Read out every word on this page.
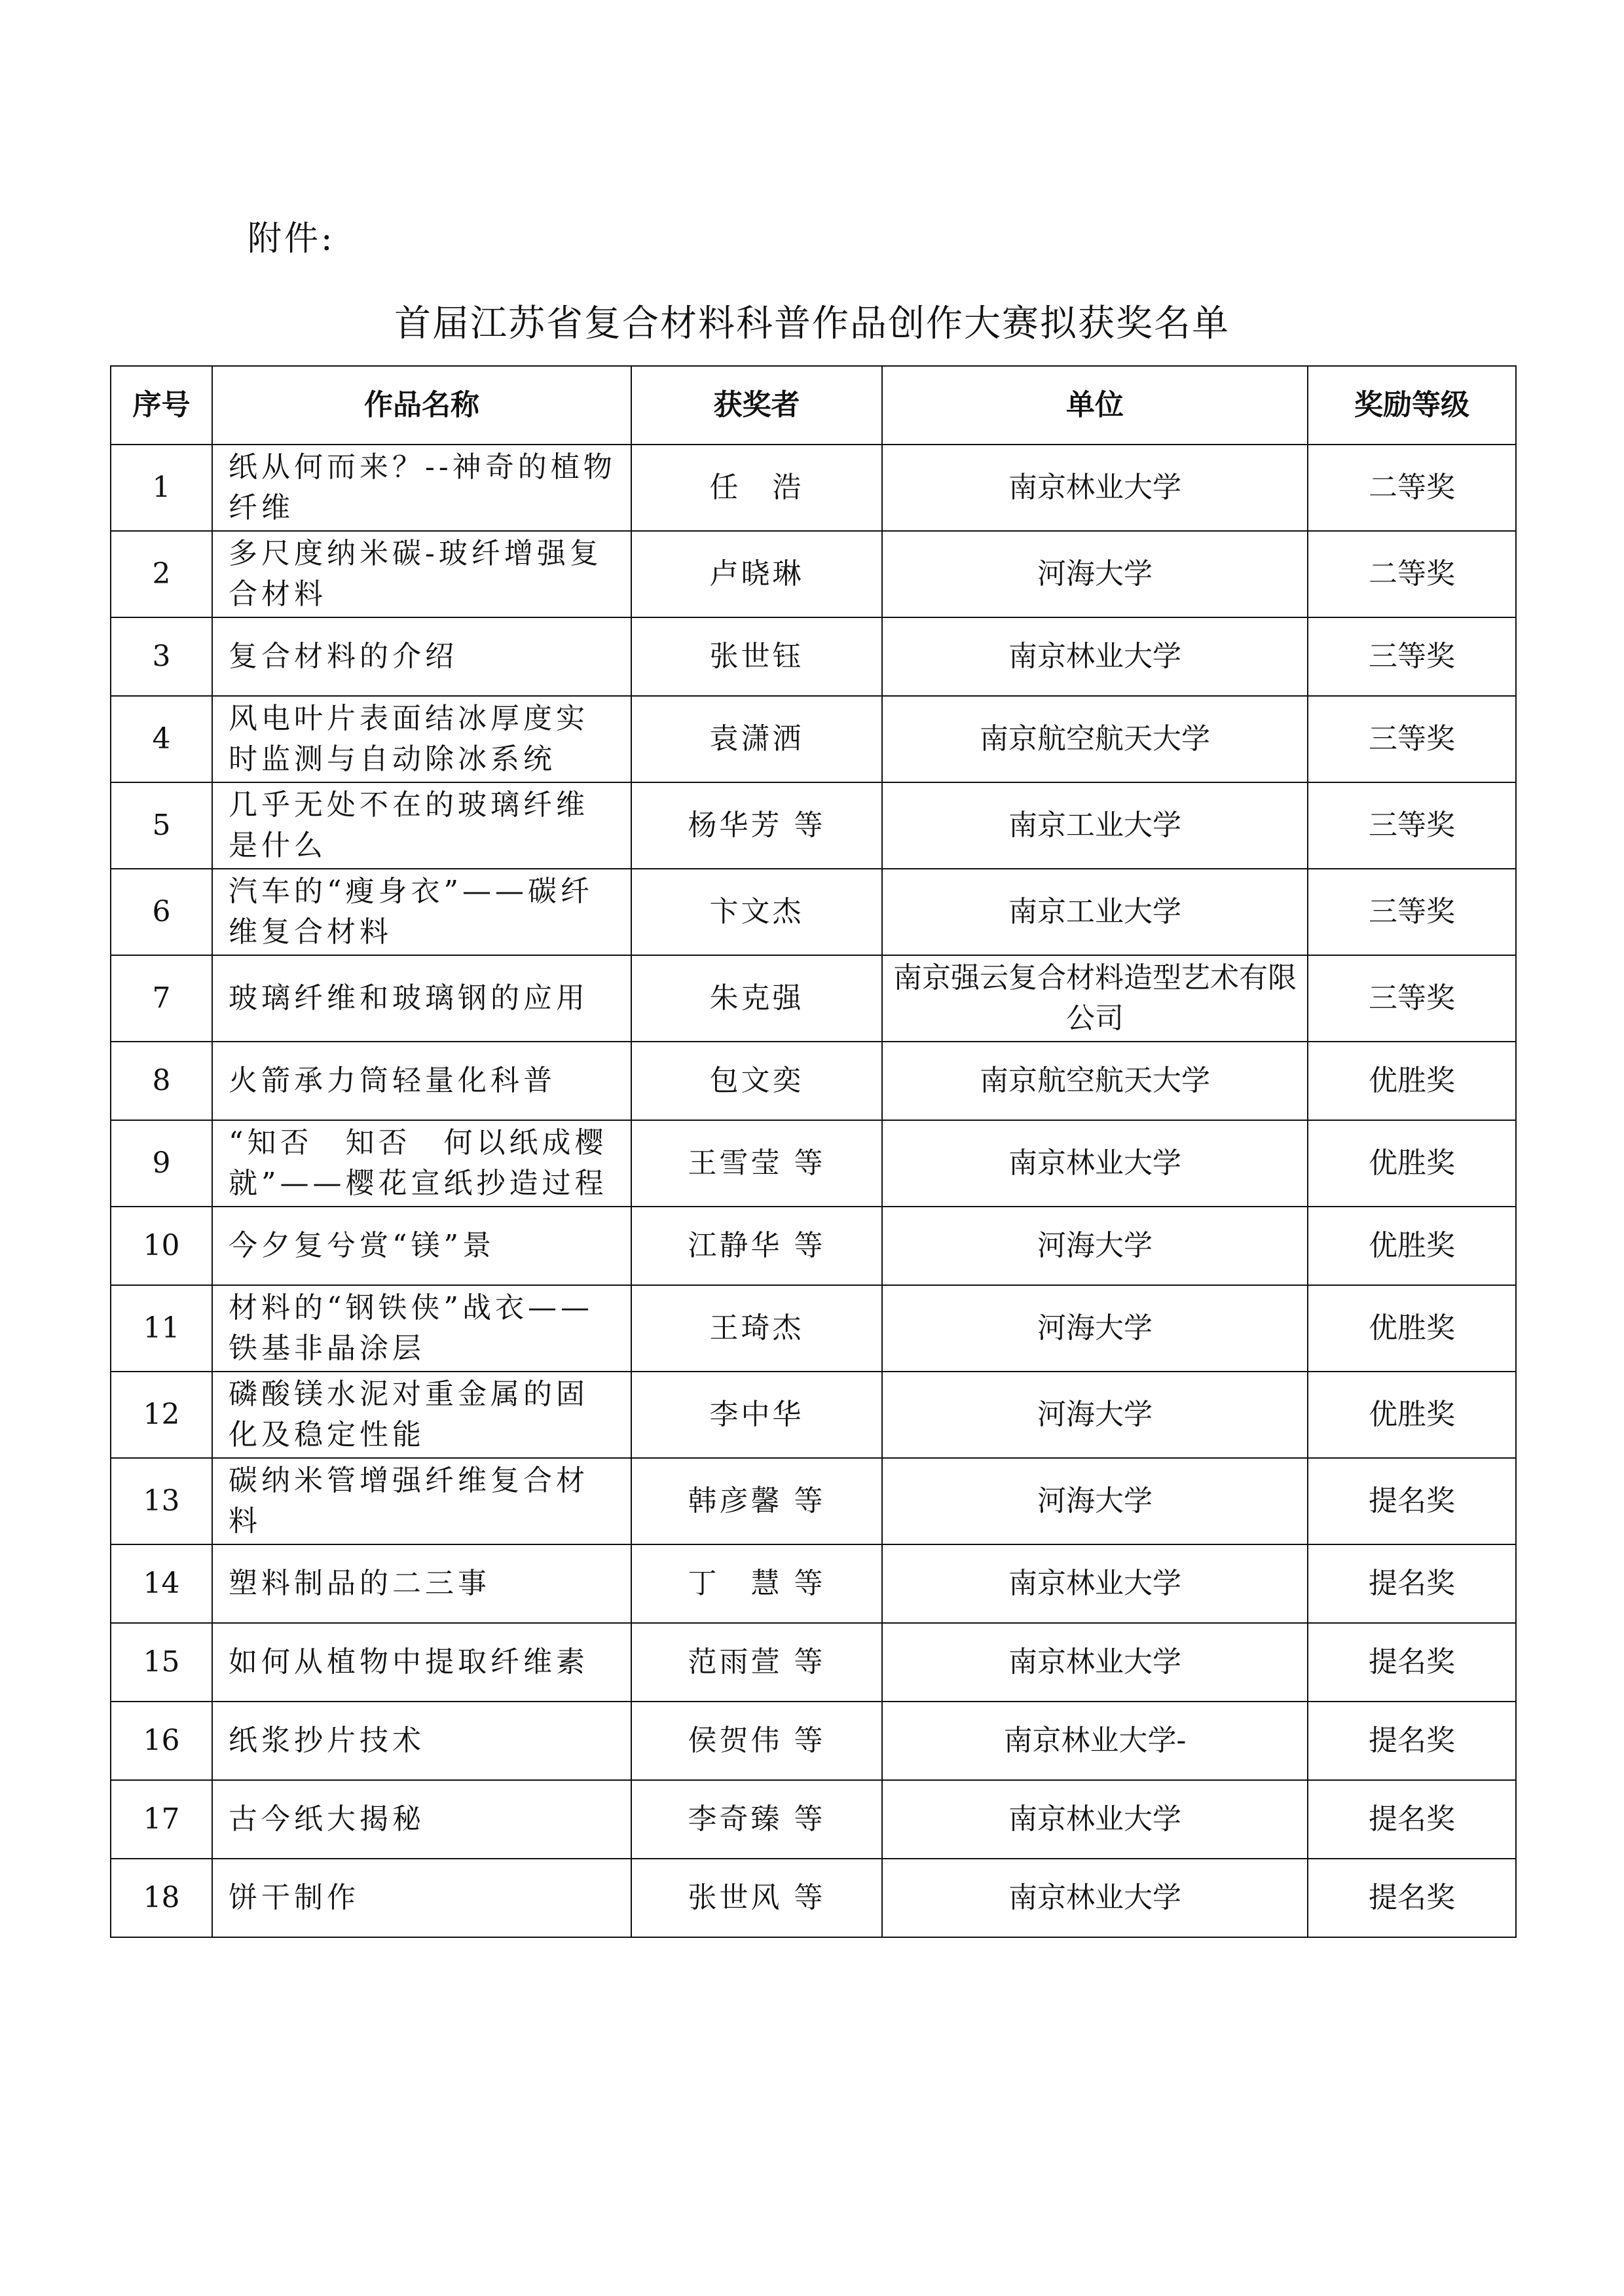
附件:
首届江苏省复合材料科普作品创作大赛拟获奖名单
序号	作品名称	获奖者	单位	奖励等级
1	纸从何而来？--神奇的植物纤维	任　浩	南京林业大学	二等奖
2	多尺度纳米碳-玻纤增强复合材料	卢晓琳	河海大学	二等奖
3	复合材料的介绍	张世钰	南京林业大学	三等奖
4	风电叶片表面结冰厚度实时监测与自动除冰系统	袁潇洒	南京航空航天大学	三等奖
5	几乎无处不在的玻璃纤维是什么	杨华芳 等	南京工业大学	三等奖
6	汽车的“瘦身衣”——碳纤维复合材料	卞文杰	南京工业大学	三等奖
7	玻璃纤维和玻璃钢的应用	朱克强	南京强云复合材料造型艺术有限公司	三等奖
8	火箭承力筒轻量化科普	包文奕	南京航空航天大学	优胜奖
9	“知否　知否　何以纸成樱就”——樱花宣纸抄造过程	王雪莹 等	南京林业大学	优胜奖
10	今夕复兮赏“镁”景	江静华 等	河海大学	优胜奖
11	材料的“钢铁侠”战衣——铁基非晶涂层	王琦杰	河海大学	优胜奖
12	磷酸镁水泥对重金属的固化及稳定性能	李中华	河海大学	优胜奖
13	碳纳米管增强纤维复合材料	韩彦馨 等	河海大学	提名奖
14	塑料制品的二三事	丁　慧 等	南京林业大学	提名奖
15	如何从植物中提取纤维素	范雨萱 等	南京林业大学	提名奖
16	纸浆抄片技术	侯贺伟 等	南京林业大学-	提名奖
17	古今纸大揭秘	李奇臻 等	南京林业大学	提名奖
18	饼干制作	张世风 等	南京林业大学	提名奖
